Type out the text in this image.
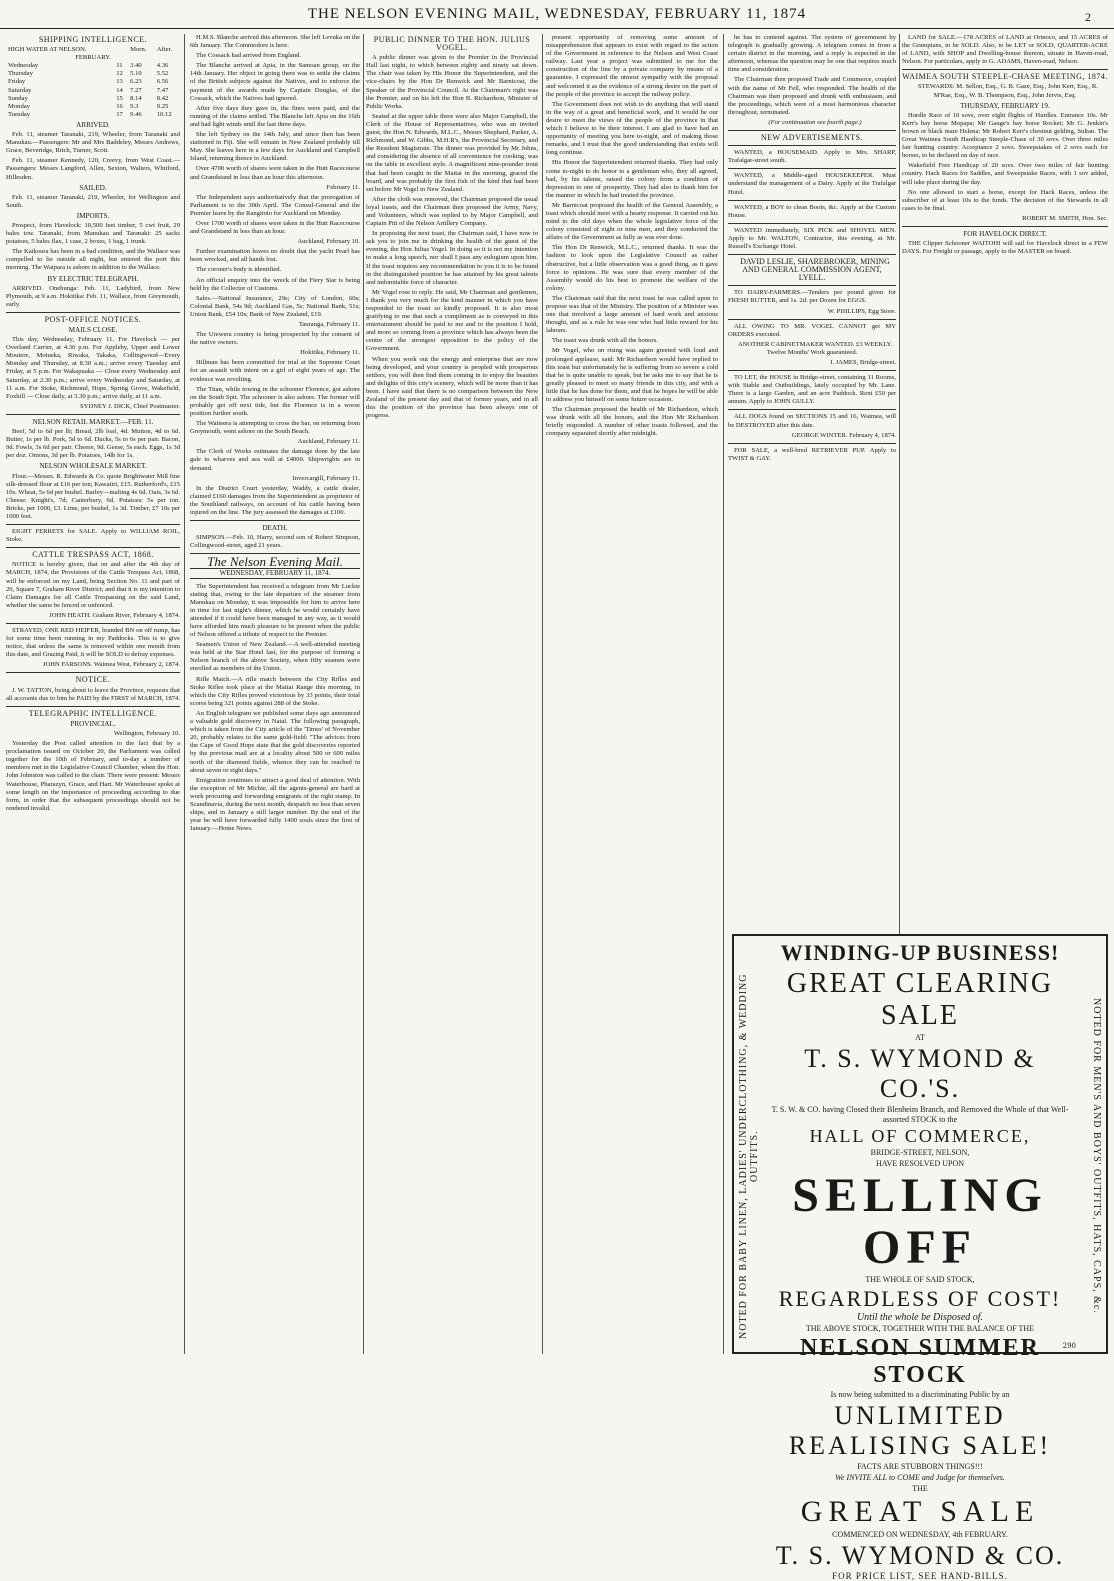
THE NELSON EVENING MAIL, WEDNESDAY, FEBRUARY 11, 1874	2
SHIPPING INTELLIGENCE.
HIGH WATER AT NELSON.		Morn.	After.
FEBRUARY.			
Wednesday	11	3.40	4.36
Thursday	12	5.10	5.52
Friday	13	6.23	6.56
Saturday	14	7.27	7.47
Sunday	15	8.14	8.42
Monday	16	9.3	9.25
Tuesday	17	9.46	10.12
ARRIVED.

Feb. 11, steamer Taranaki, 219, Wheeler, from Taranaki and Manukau.—Passengers: Mr and Mrs Baddeley, Messrs Andrews, Grace, Beveridge, Ritch, Turner, Scott.

Feb. 11, steamer Kennedy, 120, Creevy, from West Coast.—Passengers: Messrs Langford, Allen, Sexton, Walters, Whitford, Hillesden.

SAILED.

Feb. 11, steamer Taranaki, 219, Wheeler, for Wellington and South.

IMPORTS.

Prospect, from Havelock: 10,500 feet timber, 5 cwt fruit, 29 bales tow. Taranaki, from Manukau and Taranaki: 25 sacks potatoes, 5 bales flax, 1 case, 2 boxes, 1 bag, 1 trunk.

The Kaikoura has been in a bad condition, and the Wallace was compelled to lie outside all night, but entered the port this morning. The Waipara is ashore in addition to the Wallace.

BY ELECTRIC TELEGRAPH.

ARRIVED. Onehunga: Feb. 11, Ladybird, from New Plymouth, at 9 a.m. Hokitika: Feb. 11, Wallace, from Greymouth, early.

POST-OFFICE NOTICES.
MAILS CLOSE.

This day, Wednesday, February 11. For Havelock — per Overland Carrier, at 4.30 p.m. For Appleby, Upper and Lower Moutere, Motueka, Riwaka, Takaka, Collingwood—Every Monday and Thursday, at 8.30 a.m.; arrive every Tuesday and Friday, at 5 p.m. For Wakapuaka — Close every Wednesday and Saturday, at 2.30 p.m.; arrive every Wednesday and Saturday, at 11 a.m. For Stoke, Richmond, Hope, Spring Grove, Wakefield, Foxhill — Close daily, at 3.30 p.m.; arrive daily, at 11 a.m.

SYDNEY J. DICK, Chief Postmaster.

NELSON RETAIL MARKET.—FEB. 11.

Beef, 5d to 6d per lb; Bread, 2lb loaf, 4d. Mutton, 4d to 6d. Butter, 1s per lb. Pork, 5d to 6d. Ducks, 5s to 6s per pair. Bacon, 9d. Fowls, 3s 6d per pair. Cheese, 9d. Geese, 5s each. Eggs, 1s 3d per doz. Onions, 3d per lb. Potatoes, 14lb for 1s.

NELSON WHOLESALE MARKET.

Flour.—Messrs. R. Edwards & Co. quote Brightwater Mill fine silk-dressed flour at £16 per ton; Kawatiri, £15. Rutherford's, £15 10s. Wheat, 5s 6d per bushel. Barley—malting 4s 6d. Oats, 3s 6d. Cheese: Knight's, 7d; Canterbury, 6d. Potatoes: 5s per ton. Bricks, per 1000, £3. Lime, per bushel, 1s 3d. Timber, £7 10s per 1000 feet.

EIGHT FERRETS for SALE. Apply to WILLIAM ROIL, Stoke.

CATTLE TRESPASS ACT, 1868.

NOTICE is hereby given, that on and after the 4th day of MARCH, 1874, the Provisions of the Cattle Trespass Act, 1868, will be enforced on my Land, being Section No. 11 and part of 20, Square 7, Graham River District; and that it is my intention to Claim Damages for all Cattle Trespassing on the said Land, whether the same be fenced or unfenced.

JOHN HEATH. Graham River, February 4, 1874.

STRAYED, ONE RED HEIFER, branded BN on off rump, has for some time been running in my Paddocks. This is to give notice, that unless the same is removed within one month from this date, and Grazing Paid, it will be SOLD to defray expenses.

JOHN FARSONS. Waimea West, February 2, 1874.

NOTICE.

J. W. TATTON, being about to leave the Province, requests that all accounts due to him be PAID by the FIRST of MARCH, 1874.

TELEGRAPHIC INTELLIGENCE.
PROVINCIAL.

Wellington, February 10.

Yesterday the Post called attention to the fact that by a proclamation issued on October 20, the Parliament was called together for the 10th of February, and to-day a number of members met in the Legislative Council Chamber, when the Hon. John Johnston was called to the chair. There were present: Messrs Waterhouse, Pharazyn, Grace, and Hart. Mr Waterhouse spoke at some length on the importance of proceeding according to due form, in order that the subsequent proceedings should not be rendered invalid.

H.M.S. Blanche arrived this afternoon. She left Levuka on the 6th January. The Commodore is here.

The Cossack had arrived from England.

The Blanche arrived at Apia, in the Samoan group, on the 14th January. Her object in going there was to settle the claims of the British subjects against the Natives, and to enforce the payment of the awards made by Captain Douglas, of the Cossack, which the Natives had ignored.

After five days they gave in, the fines were paid, and the running of the claims settled. The Blanche left Apia on the 16th and had light winds until the last three days.

She left Sydney on the 14th July, and since then has been stationed in Fiji. She will remain in New Zealand probably till May. She leaves here in a few days for Auckland and Campbell Island, returning thence to Auckland.

Over 4700 worth of shares were taken in the Hutt Racecourse and Grandstand in less than an hour this afternoon.

February 11.

The Independent says authoritatively that the prorogation of Parliament is to the 30th April. The Consul-General and the Premier leave by the Rangitoto for Auckland on Monday.

Over 1700 worth of shares were taken in the Hutt Racecourse and Grandstand in less than an hour.

Auckland, February 10.

Further examination leaves no doubt that the yacht Pearl has been wrecked, and all hands lost.

The coroner's body is identified.

An official enquiry into the wreck of the Fiery Star is being held by the Collector of Customs.

Sales.—National Insurance, 29s; City of London, 60s; Colonial Bank, 54s 9d; Auckland Gas, 5s; National Bank, 51s; Union Bank, £54 10s; Bank of New Zealand, £19.

Tauranga, February 11.

The Urewera country is being prospected by the consent of the native owners.

Hokitika, February 11.

Hillman has been committed for trial at the Supreme Court for an assault with intent on a girl of eight years of age. The evidence was revolting.

The Titan, while towing in the schooner Florence, got ashore on the South Spit. The schooner is also ashore. The former will probably get off next tide, but the Florence is in a worse position further south.

The Waiteera is attempting to cross the bar, on returning from Greymouth, went ashore on the South Beach.

Auckland, February 11.

The Clerk of Works estimates the damage done by the late gale to wharves and sea wall at £4000. Shipwrights are in demand.

Invercargill, February 11.

In the District Court yesterday, Waddy, a cattle dealer, claimed £160 damages from the Superintendent as proprietor of the Southland railways, on account of his cattle having been injured on the line. The jury assessed the damages at £100.

DEATH.

SIMPSON.—Feb. 10, Harry, second son of Robert Simpson, Collingwood-street, aged 21 years.

The Nelson Evening Mail.
WEDNESDAY, FEBRUARY 11, 1874.

The Superintendent has received a telegram from Mr Luckie stating that, owing to the late departure of the steamer from Manukau on Monday, it was impossible for him to arrive here in time for last night's dinner, which he would certainly have attended if it could have been managed in any way, as it would have afforded him much pleasure to be present when the public of Nelson offered a tribute of respect to the Premier.

Seamen's Union of New Zealand.—A well-attended meeting was held at the Star Hotel last, for the purpose of forming a Nelson branch of the above Society, when fifty seamen were enrolled as members of the Union.

Rifle Match.—A rifle match between the City Rifles and Stoke Rifles took place at the Maitai Range this morning, in which the City Rifles proved victorious by 33 points, their total scores being 321 points against 288 of the Stoke.

An English telegram we published some days ago announced a valuable gold discovery in Natal. The following paragraph, which is taken from the City article of the 'Times' of November 20, probably relates to the same gold-field: "The advices from the Cape of Good Hope state that the gold discoveries reported by the previous mail are at a locality about 500 or 600 miles north of the diamond fields, whence they can be reached in about seven or eight days."

Emigration continues to attract a good deal of attention. With the exception of Mr Michie, all the agents-general are hard at work procuring and forwarding emigrants of the right stamp. In Scandinavia, during the next month, despatch no less than seven ships, and in January a still larger number. By the end of the year he will have forwarded fully 1400 souls since the first of January.—Home News.

PUBLIC DINNER TO THE HON. JULIUS VOGEL.

A public dinner was given to the Premier in the Provincial Hall last night, to which between eighty and ninety sat down. The chair was taken by His Honor the Superintendent, and the vice-chairs by the Hon Dr Renwick and Mr Barnicoat, the Speaker of the Provincial Council. At the Chairman's right was the Premier, and on his left the Hon B. Richardson, Minister of Public Works.

Seated at the upper table there were also Major Campbell, the Clerk of the House of Representatives, who was an invited guest, the Hon N. Edwards, M.L.C., Messrs Shephard, Parker, A. Richmond, and W. Gibbs, M.H.R's, the Provincial Secretary, and the Resident Magistrate. The dinner was provided by Mr Johns, and considering the absence of all convenience for cooking, was on the table in excellent style. A magnificent nine-pounder trout that had been caught in the Maitai in the morning, graced the board, and was probably the first fish of the kind that had been set before Mr Vogel in New Zealand.

After the cloth was removed, the Chairman proposed the usual loyal toasts, and the Chairman then proposed the Army, Navy, and Volunteers, which was replied to by Major Campbell, and Captain Pitt of the Nelson Artillery Company.

In proposing the next toast, the Chairman said, I have now to ask you to join me in drinking the health of the guest of the evening, the Hon Julius Vogel. In doing so it is not my intention to make a long speech, nor shall I pass any eulogium upon him. If the toast requires any recommendation to you it is to be found in the distinguished position he has attained by his great talents and indomitable force of character.

Mr Vogel rose to reply. He said, Mr Chairman and gentlemen, I thank you very much for the kind manner in which you have responded to the toast so kindly proposed. It is also most gratifying to me that such a compliment as is conveyed in this entertainment should be paid to me and to the position I hold, and more so coming from a province which has always been the centre of the strongest opposition to the policy of the Government.

When you work out the energy and enterprise that are now being developed, and your country is peopled with prosperous settlers, you will then find them coming in to enjoy the beauties and delights of this city's scenery, which will be more than it has been. I have said that there is no comparison between the New Zealand of the present day and that of former years, and in all this the position of the province has been always one of progress.

present opportunity of removing some amount of misapprehension that appears to exist with regard to the action of the Government in reference to the Nelson and West Coast railway. Last year a project was submitted to me for the construction of the line by a private company by means of a guarantee. I expressed the utmost sympathy with the proposal and welcomed it as the evidence of a strong desire on the part of the people of the province to accept the railway policy.

The Government does not wish to do anything that will stand in the way of a great and beneficial work, and it would be our desire to meet the views of the people of the province in that which I believe to be their interest. I am glad to have had an opportunity of meeting you here to-night, and of making those remarks, and I trust that the good understanding that exists will long continue.

His Honor the Superintendent returned thanks. They had only come to-night to do honor to a gentleman who, they all agreed, had, by his talents, raised the colony from a condition of depression to one of prosperity. They had also to thank him for the manner in which he had treated the province.

Mr Barnicoat proposed the health of the General Assembly, a toast which should meet with a hearty response. It carried out his mind to the old days when the whole legislative force of the colony consisted of eight or nine men, and they conducted the affairs of the Government as fully as was ever done.

The Hon Dr Renwick, M.L.C., returned thanks. It was the fashion to look upon the Legislative Council as rather obstructive, but a little observation was a good thing, as it gave force to opinions. He was sure that every member of the Assembly would do his best to promote the welfare of the colony.

The Chairman said that the next toast he was called upon to propose was that of the Ministry. The position of a Minister was one that involved a large amount of hard work and anxious thought, and as a rule he was one who had little reward for his labours.

The toast was drunk with all the honors.

Mr Vogel, who on rising was again greeted with loud and prolonged applause, said: Mr Richardson would have replied to this toast but unfortunately he is suffering from so severe a cold that he is quite unable to speak, but he asks me to say that he is greatly pleased to meet so many friends in this city, and with a little that he has done for them, and that he hopes he will be able to address you himself on some future occasion.

The Chairman proposed the health of Mr Richardson, which was drunk with all the honors, and the Hon Mr Richardson briefly responded. A number of other toasts followed, and the company separated shortly after midnight.

he has to contend against. The system of government by telegraph is gradually growing. A telegram comes in from a certain district in the morning, and a reply is expected in the afternoon, whereas the question may be one that requires much time and consideration.

The Chairman then proposed Trade and Commerce, coupled with the name of Mr Fell, who responded. The health of the Chairman was then proposed and drunk with enthusiasm, and the proceedings, which were of a most harmonious character throughout, terminated.

(For continuation see fourth page.)

NEW ADVERTISEMENTS.

WANTED, a HOUSEMAID. Apply to Mrs. SHARP, Trafalgar-street south.

WANTED, a Middle-aged HOUSEKEEPER. Must understand the management of a Dairy. Apply at the Trafalgar Hotel.

WANTED, a BOY to clean Boots, &c. Apply at the Custom House.

WANTED immediately, SIX PICK and SHOVEL MEN. Apply to Mr. WALTON, Contractor, this evening, at Mr. Russell's Exchange Hotel.

DAVID LESLIE, SHAREBROKER, MINING AND GENERAL COMMISSION AGENT, LYELL.

TO DAIRY-FARMERS.—Tenders per pound given for FRESH BUTTER, and 1s. 2d. per Dozen for EGGS.

W. PHILLIPS, Egg Store.

ALL OWING TO MR. VOGEL CANNOT get MY ORDERS executed.

ANOTHER CABINETMAKER WANTED. £3 WEEKLY. Twelve Months' Work guaranteed.

J. JAMES, Bridge-street.

TO LET, the HOUSE in Bridge-street, containing 11 Rooms, with Stable and Outbuildings, lately occupied by Mr. Lane. There is a large Garden, and an acre Paddock. Rent £50 per annum. Apply to JOHN GULLY.

ALL DOGS found on SECTIONS 15 and 16, Waimea, will be DESTROYED after this date.

GEORGE WINTER. February 4, 1874.

FOR SALE, a well-bred RETRIEVER PUP. Apply to TWIST & GAY.

LAND for SALE.—178 ACRES of LAND at Orinoco, and 15 ACRES of the Grampians, to be SOLD. Also, to be LET or SOLD, QUARTER-ACRE of LAND, with SHOP and Dwelling-house thereon, situate in Haven-road, Nelson. For particulars, apply to G. ADAMS, Haven-road, Nelson.

WAIMEA SOUTH STEEPLE-CHASE MEETING, 1874.

STEWARDS: M. Sellon, Esq., G. B. Gaze, Esq., John Kerr, Esq., R. M'Rae, Esq., W. B. Thompson, Esq., John Jervis, Esq.

THURSDAY, FEBRUARY 19.

Hurdle Race of 10 sovs, over eight flights of Hurdles. Entrance 10s. Mr Kerr's bay horse Mopapa; Mr Gauge's bay horse Rocket; Mr G. Jenkin's brown or black mare Helena; Mr Robert Kerr's chestnut gelding, Sultan. The Great Waimea South Handicap Steeple-Chase of 30 sovs. Over three miles fair hunting country. Acceptance 2 sovs. Sweepstakes of 2 sovs each for horses, to be declared on day of race.

Wakefield Free Handicap of 20 sovs. Over two miles of fair hunting country. Hack Races for Saddles, and Sweepstake Races, with 1 sov added, will take place during the day.

No one allowed to start a horse, except for Hack Races, unless the subscriber of at least 10s to the funds. The decision of the Stewards in all cases to be final.

ROBERT M. SMITH, Hon. Sec.

FOR HAVELOCK DIRECT.

THE Clipper Schooner WAITOHI will sail for Havelock direct in a FEW DAYS. For Freight or passage, apply to the MASTER on board.

NOTED FOR BABY LINEN, LADIES' UNDERCLOTHING, & WEDDING OUTFITS.	NOTED FOR MEN'S AND BOYS' OUTFITS, HATS, CAPS, &c.
WINDING-UP BUSINESS!
GREAT CLEARING SALE
AT
T. S. WYMOND & CO.'S.
T. S. W. & CO. having Closed their Blenheim Branch, and Removed the Whole of that Well-assorted STOCK to the
HALL OF COMMERCE,
BRIDGE-STREET, NELSON,
HAVE RESOLVED UPON
SELLING OFF
THE WHOLE OF SAID STOCK,
REGARDLESS OF COST!
Until the whole be Disposed of.
THE ABOVE STOCK, TOGETHER WITH THE BALANCE OF THE
NELSON SUMMER STOCK
Is now being submitted to a discriminating Public by an
UNLIMITED REALISING SALE!
FACTS ARE STUBBORN THINGS!!!
We INVITE ALL to COME and Judge for themselves.
THE
GREAT SALE
COMMENCED ON WEDNESDAY, 4th FEBRUARY.
T. S. WYMOND & CO.
FOR PRICE LIST, SEE HAND-BILLS.
290
